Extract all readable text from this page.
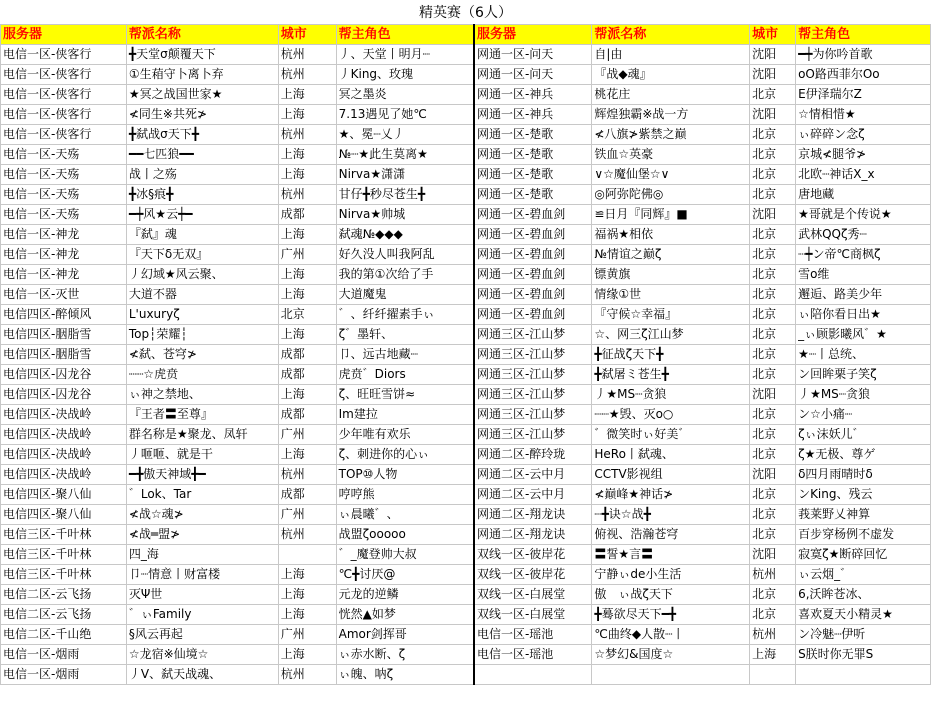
精英赛（6人）
服务器	帮派名称	城市	帮主角色	服务器	帮派名称	城市	帮主角色
电信一区-侠客行	╋天堂σ颠覆天下	杭州	丿、天堂丨明月┈	网通一区-问天	自|由	沈阳	━┿为你吟首歌
电信一区-侠客行	①生葙守卜离卜弃	杭州	丿King、玫瑰	网通一区-问天	『战◆魂』	沈阳	oO路西菲尔Oo
电信一区-侠客行	★冥之战国世家★	上海	冥之墨炎	网通一区-神兵	桃花庄	北京	E伊泽瑞尔Z
电信一区-侠客行	≮同生※共死≯	上海	7.13遇见了她℃	网通一区-神兵	辉煌独霸※战一方	沈阳	☆情相惜★
电信一区-侠客行	╋弑战σ天下╋	杭州	★、冕┈乂丿	网通一区-楚歌	≮八旗≯紫禁之巅	北京	ぃ碎碎ン念ζ
电信一区-天殇	━━七匹狼━━	上海	№┈★此生莫离★	网通一区-楚歌	铁血☆英豪	北京	京城≮腿爷≯
电信一区-天殇	战丨之殇	上海	Nirva★潇潇	网通一区-楚歌	∨☆魔仙堡☆∨	北京	北欧┈神话X_x
电信一区-天殇	╋冰§痕╋	杭州	甘仔╋秒尽苍生╋	网通一区-楚歌	◎阿弥陀佛◎	北京	唐地藏
电信一区-天殇	━┿风★云┿━	成都	Nirva★帅城	网通一区-碧血剑	≌日月『同辉』■	沈阳	★哥就是个传说★
电信一区-神龙	『弑』魂	上海	弑魂№◆◆◆	网通一区-碧血剑	福祸★相依	北京	武林QQζ秀┈
电信一区-神龙	『天下δ无双』	广州	好久没人叫我阿乱	网通一区-碧血剑	№情谊之巅ζ	北京	┈┿ン帝℃商枫ζ
电信一区-神龙	丿幻域★风云聚、	上海	我的第①次给了手	网通一区-碧血剑	镖黄旗	北京	雪o维
电信一区-灭世	大道不器	上海	大道魔鬼	网通一区-碧血剑	情缘①世	北京	邂逅、路美少年
电信四区-醉倾风	L'uxuryζ	北京	゛、纤纤擢素手ぃ	网通一区-碧血剑	『守候☆幸福』	北京	ぃ陪你看日出★
电信四区-胭脂雪	Top┆荣耀┆	上海	ζ゛墨轩、	网通三区-江山梦	☆、网三ζ江山梦	北京	_ぃ顾影曦风゛★
电信四区-胭脂雪	≮弑、苍穹≯	成都	卩、远古地藏┈	网通三区-江山梦	╋征战ζ天下╋	北京	★┈丨总统、
电信四区-囚龙谷	┈┈☆虎贲	成都	虎贲゛Diors	网通三区-江山梦	╋弑屠ミ苍生╋	北京	ン回眸栗子笑ζ
电信四区-囚龙谷	ぃ神之禁地、	上海	ζ、旺旺雪饼≈	网通三区-江山梦	丿★MS┈贪狼	沈阳	丿★MS┈贪狼
电信四区-决战岭	『王者〓至尊』	成都	Im建拉	网通三区-江山梦	┈┈★毁、灭ο○	北京	ン☆小痛┈
电信四区-决战岭	群名称是★聚龙、凤轩	广州	少年唯有欢乐	网通三区-江山梦	゛微笑时ぃ好美゛	北京	ζぃ沫妖儿゛
电信四区-决战岭	丿咂咂、就是干	上海	ζ、刺进你的心ぃ	网通二区-醉玲珑	HeRo丨弑魂、	北京	ζ★无极、尊ゲ
电信四区-决战岭	━╋傲天神域╋━	杭州	TOP⑩人物	网通二区-云中月	CCTV影视组	沈阳	δ四月雨晴时δ
电信四区-聚八仙	゛Lok、Tar	成都	哼哼熊	网通二区-云中月	≮巅峰★神话≯	北京	ンKing、残云
电信四区-聚八仙	≮战☆魂≯	广州	ぃ晨曦゛、	网通二区-翔龙诀	┈╋诀☆战╋	北京	莪莱野乂神算
电信三区-千叶林	≮战═盟≯	杭州	战盟ζooooo	网通二区-翔龙诀	俯视、浩瀚苍穹	北京	百步穿杨例不虚发
电信三区-千叶林	四_海		゛_魔登帅大叔	双线一区-彼岸花	〓誓★言〓	沈阳	寂寞ζ★断碎回忆
电信三区-千叶林	卩┈情意丨财富楼	上海	℃╋讨厌@	双线一区-彼岸花	宁静ぃde小生活	杭州	ぃ云烟_゛
电信二区-云飞扬	灭Ψ世	上海	元龙的逆鳞	双线一区-白展堂	傲　ぃ战ζ天下	北京	6,沃眸苍冰、
电信二区-云飞扬	゛ぃFamily	上海	恍然▲如梦	双线一区-白展堂	╋蓦欲尽天下━╋	北京	喜欢夏天小精灵★
电信二区-千山绝	§风云再起	广州	Amor剑挥哥	电信一区-瑶池	℃曲终◆人散┈丨	杭州	ン冷魅┈伊听
电信一区-烟雨	☆龙宿※仙境☆	上海	ぃ赤水断、ζ	电信一区-瑶池	☆梦幻&国度☆	上海	S朕时你无罪S
电信一区-烟雨	丿V、弑天战魂、	杭州	ぃ魄、呐ζ				
